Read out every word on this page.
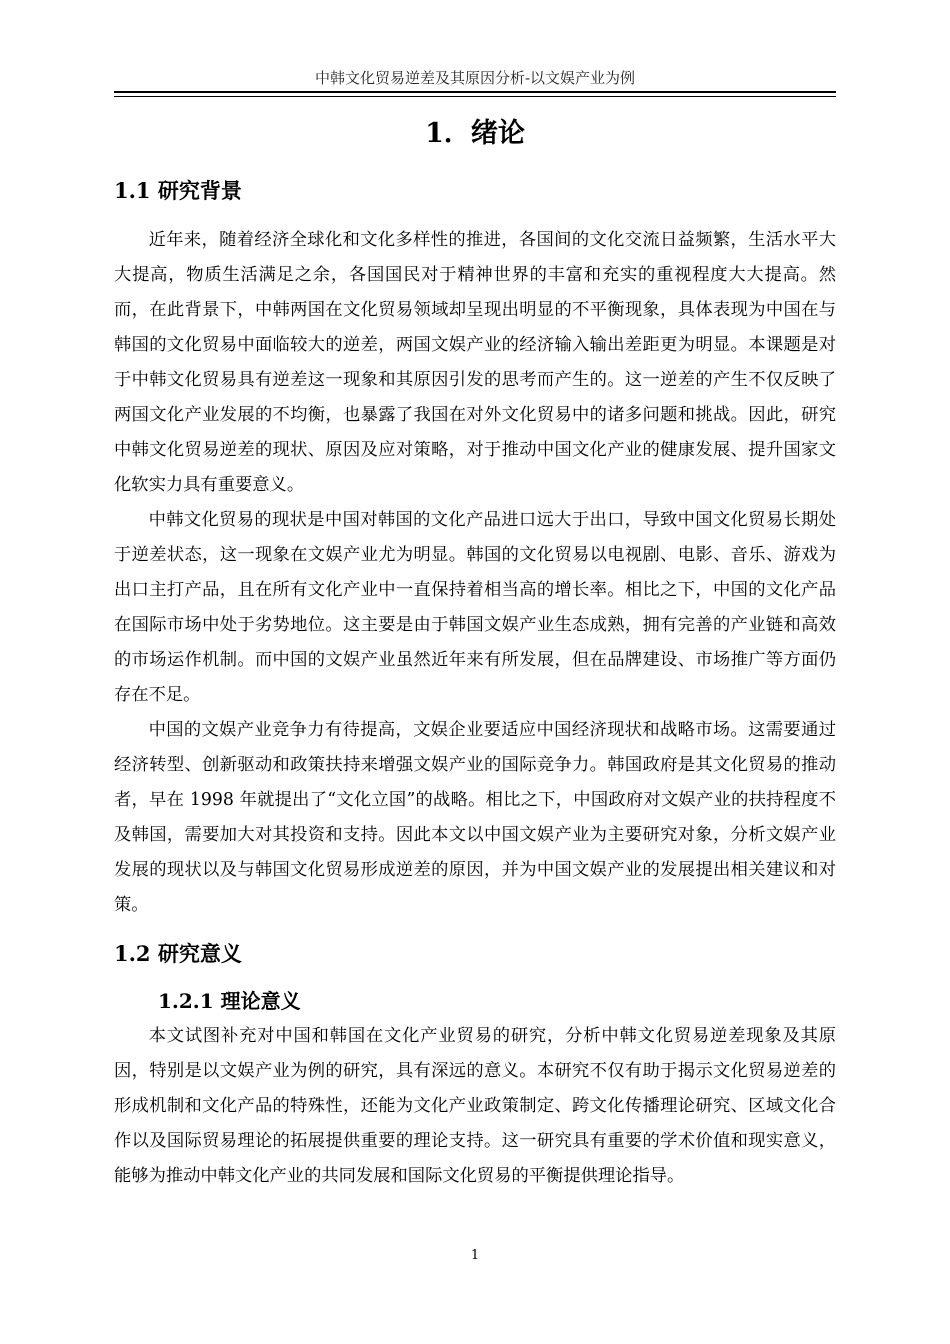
中韩文化贸易逆差及其原因分析-以文娱产业为例
1．绪论
1.1 研究背景

近年来，随着经济全球化和文化多样性的推进，各国间的文化交流日益频繁，生活水平大大提高，物质生活满足之余，各国国民对于精神世界的丰富和充实的重视程度大大提高。然而，在此背景下，中韩两国在文化贸易领域却呈现出明显的不平衡现象，具体表现为中国在与韩国的文化贸易中面临较大的逆差，两国文娱产业的经济输入输出差距更为明显。本课题是对于中韩文化贸易具有逆差这一现象和其原因引发的思考而产生的。这一逆差的产生不仅反映了两国文化产业发展的不均衡，也暴露了我国在对外文化贸易中的诸多问题和挑战。因此，研究中韩文化贸易逆差的现状、原因及应对策略，对于推动中国文化产业的健康发展、提升国家文化软实力具有重要意义。

中韩文化贸易的现状是中国对韩国的文化产品进口远大于出口，导致中国文化贸易长期处于逆差状态，这一现象在文娱产业尤为明显。韩国的文化贸易以电视剧、电影、音乐、游戏为出口主打产品，且在所有文化产业中一直保持着相当高的增长率。相比之下，中国的文化产品在国际市场中处于劣势地位。这主要是由于韩国文娱产业生态成熟，拥有完善的产业链和高效的市场运作机制。而中国的文娱产业虽然近年来有所发展，但在品牌建设、市场推广等方面仍存在不足。

中国的文娱产业竞争力有待提高，文娱企业要适应中国经济现状和战略市场。这需要通过经济转型、创新驱动和政策扶持来增强文娱产业的国际竞争力。韩国政府是其文化贸易的推动者，早在 1998 年就提出了“文化立国”的战略。相比之下，中国政府对文娱产业的扶持程度不及韩国，需要加大对其投资和支持。因此本文以中国文娱产业为主要研究对象，分析文娱产业发展的现状以及与韩国文化贸易形成逆差的原因，并为中国文娱产业的发展提出相关建议和对策。

1.2 研究意义
1.2.1 理论意义

本文试图补充对中国和韩国在文化产业贸易的研究，分析中韩文化贸易逆差现象及其原因，特别是以文娱产业为例的研究，具有深远的意义。本研究不仅有助于揭示文化贸易逆差的形成机制和文化产品的特殊性，还能为文化产业政策制定、跨文化传播理论研究、区域文化合作以及国际贸易理论的拓展提供重要的理论支持。这一研究具有重要的学术价值和现实意义，能够为推动中韩文化产业的共同发展和国际文化贸易的平衡提供理论指导。

1
